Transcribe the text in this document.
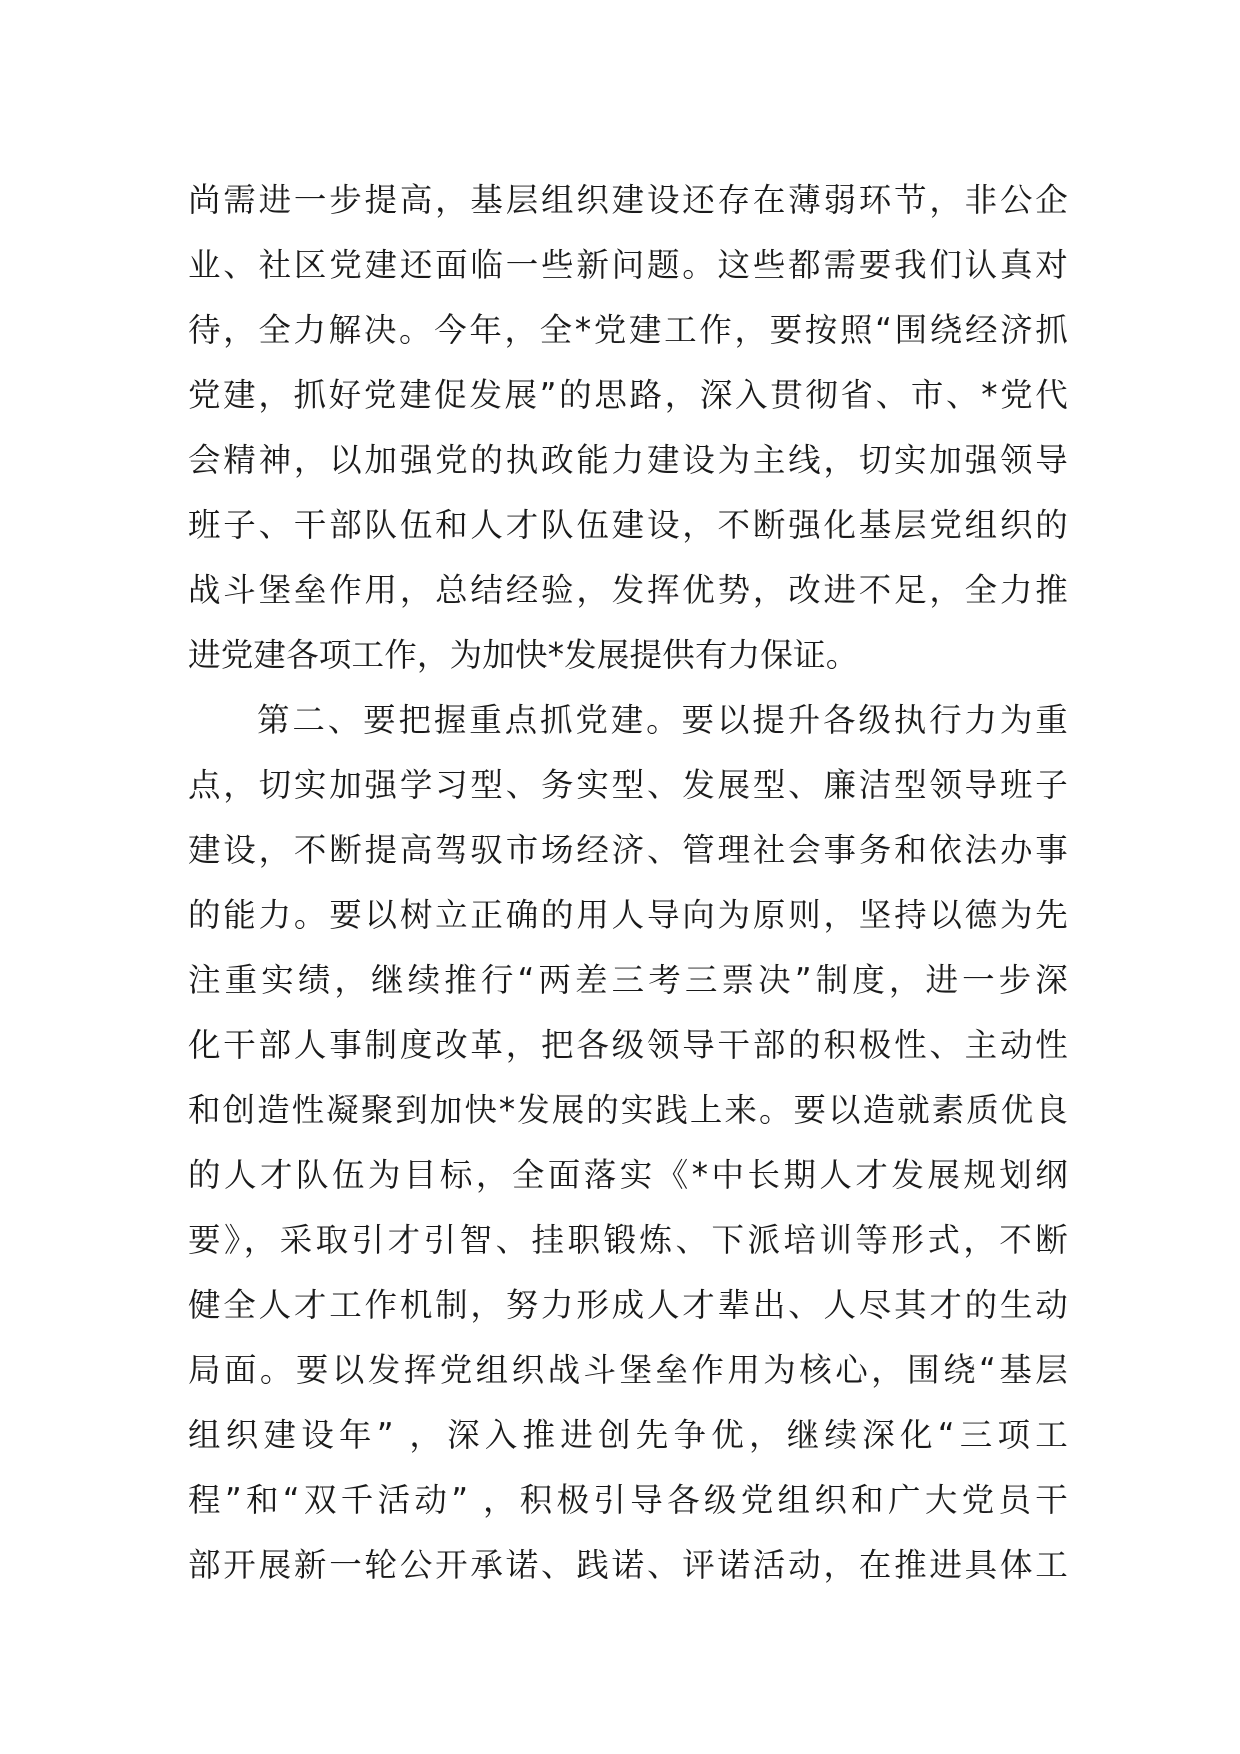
尚需进一步提高，基层组织建设还存在薄弱环节，非公企
业、社区党建还面临一些新问题。这些都需要我们认真对
待，全力解决。今年，全*党建工作，要按照“围绕经济抓
党建，抓好党建促发展”的思路，深入贯彻省、市、*党代
会精神，以加强党的执政能力建设为主线，切实加强领导
班子、干部队伍和人才队伍建设，不断强化基层党组织的
战斗堡垒作用，总结经验，发挥优势，改进不足，全力推
进党建各项工作，为加快*发展提供有力保证。
第二、要把握重点抓党建。要以提升各级执行力为重
点，切实加强学习型、务实型、发展型、廉洁型领导班子
建设，不断提高驾驭市场经济、管理社会事务和依法办事
的能力。要以树立正确的用人导向为原则，坚持以德为先
注重实绩，继续推行“两差三考三票决”制度，进一步深
化干部人事制度改革，把各级领导干部的积极性、主动性
和创造性凝聚到加快*发展的实践上来。要以造就素质优良
的人才队伍为目标，全面落实《*中长期人才发展规划纲
要》，采取引才引智、挂职锻炼、下派培训等形式，不断
健全人才工作机制，努力形成人才辈出、人尽其才的生动
局面。要以发挥党组织战斗堡垒作用为核心，围绕“基层
组织建设年” ，深入推进创先争优，继续深化“三项工
程”和“双千活动” ，积极引导各级党组织和广大党员干
部开展新一轮公开承诺、践诺、评诺活动，在推进具体工
